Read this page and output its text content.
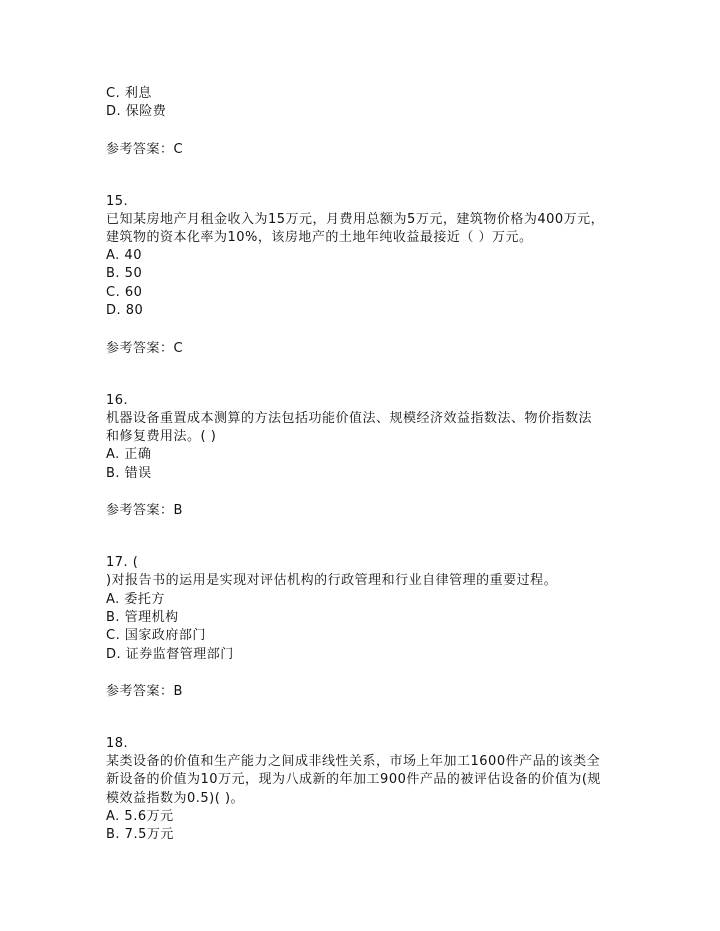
C. 利息
D. 保险费
参考答案：C
15.
已知某房地产月租金收入为15万元，月费用总额为5万元，建筑物价格为400万元，
建筑物的资本化率为10%，该房地产的土地年纯收益最接近（ ）万元。
A. 40
B. 50
C. 60
D. 80
参考答案：C
16.
机器设备重置成本测算的方法包括功能价值法、规模经济效益指数法、物价指数法
和修复费用法。( )
A. 正确
B. 错误
参考答案：B
17. (
)对报告书的运用是实现对评估机构的行政管理和行业自律管理的重要过程。
A. 委托方
B. 管理机构
C. 国家政府部门
D. 证券监督管理部门
参考答案：B
18.
某类设备的价值和生产能力之间成非线性关系，市场上年加工1600件产品的该类全
新设备的价值为10万元，现为八成新的年加工900件产品的被评估设备的价值为(规
模效益指数为0.5)( )。
A. 5.6万元
B. 7.5万元
